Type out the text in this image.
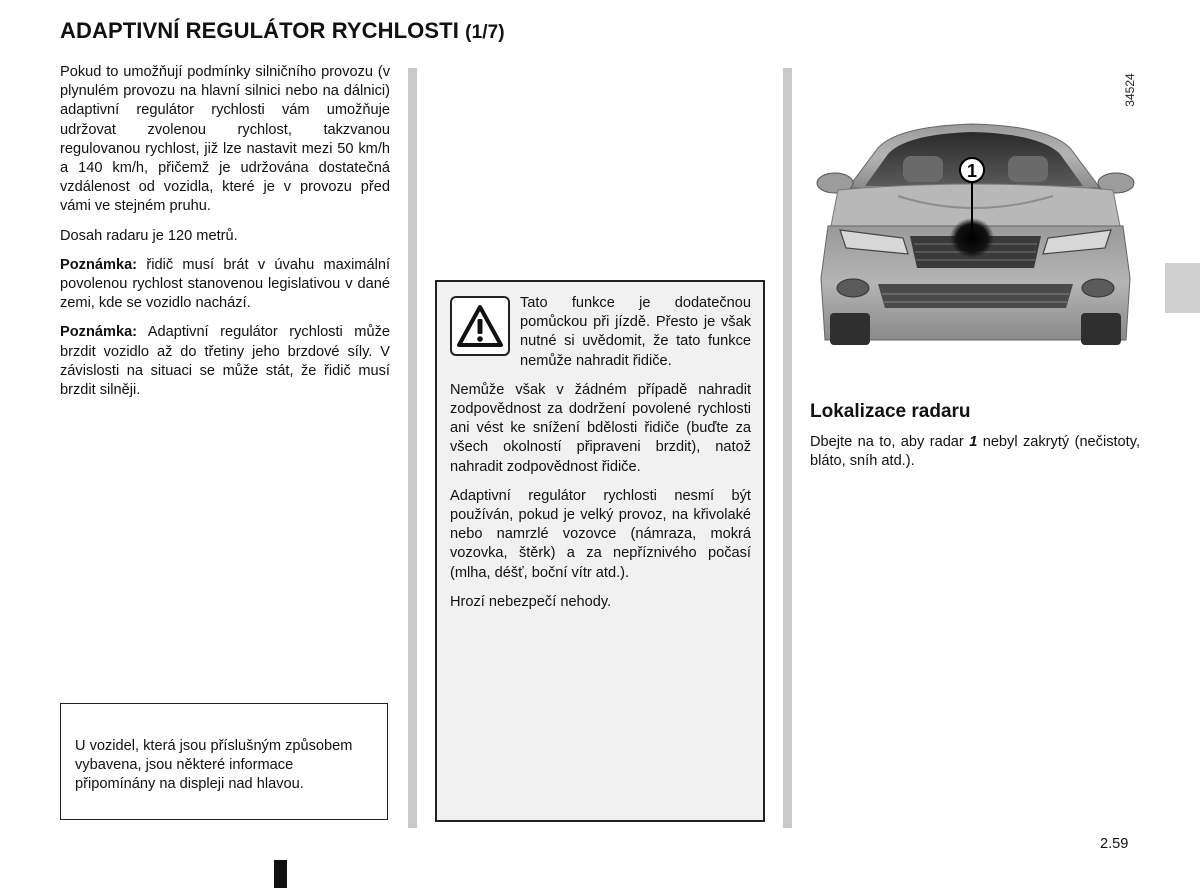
ADAPTIVNÍ REGULÁTOR RYCHLOSTI (1/7)

Pokud to umožňují podmínky silničního provozu (v plynulém provozu na hlavní silnici nebo na dálnici) adaptivní regulátor rychlosti vám umožňuje udržovat zvolenou rychlost, takzvanou regulovanou rychlost, již lze nastavit mezi 50 km/h a 140 km/h, přičemž je udržována dostatečná vzdálenost od vozidla, které je v provozu před vámi ve stejném pruhu.

Dosah radaru je 120 metrů.

Poznámka: řidič musí brát v úvahu maximální povolenou rychlost stanovenou legislativou v dané zemi, kde se vozidlo nachází.

Poznámka: Adaptivní regulátor rychlosti může brzdit vozidlo až do třetiny jeho brzdové síly. V závislosti na situaci se může stát, že řidič musí brzdit silněji.

U vozidel, která jsou příslušným způsobem vybavena, jsou některé informace připomínány na displeji nad hlavou.

Tato funkce je dodatečnou pomůckou při jízdě. Přesto je však nutné si uvědomit, že tato funkce nemůže nahradit řidiče.

Nemůže však v žádném případě nahradit zodpovědnost za dodržení povolené rychlosti ani vést ke snížení bdělosti řidiče (buďte za všech okolností připraveni brzdit), natož nahradit zodpovědnost řidiče.

Adaptivní regulátor rychlosti nesmí být používán, pokud je velký provoz, na křivolaké nebo namrzlé vozovce (námraza, mokrá vozovka, štěrk) a za nepříznivého počasí (mlha, déšť, boční vítr atd.).

Hrozí nebezpečí nehody.

34524
1
Lokalizace radaru

Dbejte na to, aby radar 1 nebyl zakrytý (nečistoty, bláto, sníh atd.).

2.59
